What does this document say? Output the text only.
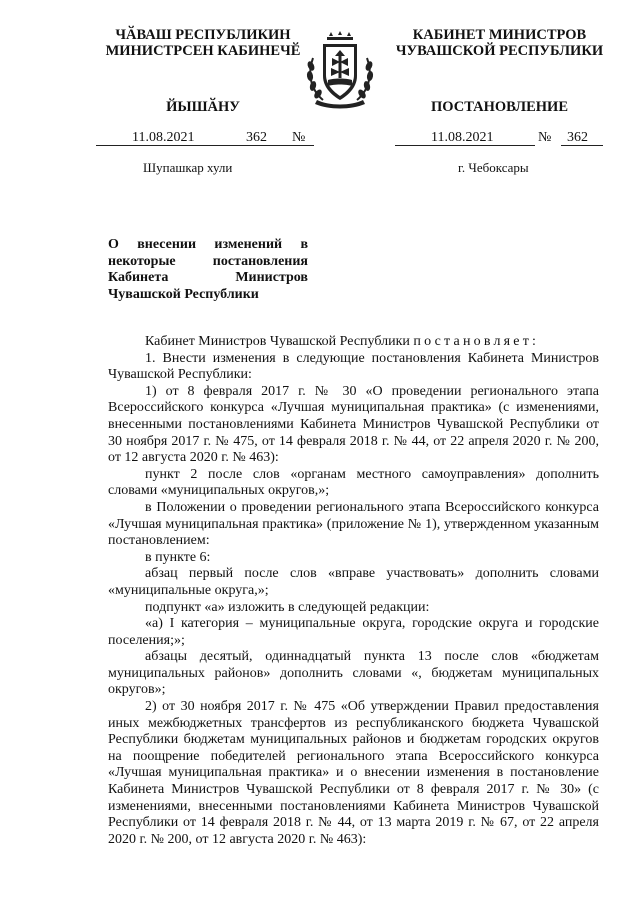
ЧӐВАШ РЕСПУБЛИКИН
МИНИСТРСЕН КАБИНЕЧӖ
ЙЫШӐНУ
КАБИНЕТ МИНИСТРОВ
ЧУВАШСКОЙ РЕСПУБЛИКИ
ПОСТАНОВЛЕНИЕ
11.08.2021	362 №	11.08.2021	№ 362
Шупашкар хули	г. Чебоксары
О внесении изменений в некоторые постановления Кабинета Министров Чувашской Республики

Кабинет Министров Чувашской Республики постановляет:

1. Внести изменения в следующие постановления Кабинета Министров Чувашской Республики:

1) от 8 февраля 2017 г. № 30 «О проведении регионального этапа Всероссийского конкурса «Лучшая муниципальная практика» (с изменениями, внесенными постановлениями Кабинета Министров Чувашской Республики от 30 ноября 2017 г. № 475, от 14 февраля 2018 г. № 44, от 22 апреля 2020 г. № 200, от 12 августа 2020 г. № 463):

пункт 2 после слов «органам местного самоуправления» дополнить словами «муниципальных округов,»;

в Положении о проведении регионального этапа Всероссийского конкурса «Лучшая муниципальная практика» (приложение № 1), утвержденном указанным постановлением:

в пункте 6:

абзац первый после слов «вправе участвовать» дополнить словами «муниципальные округа,»;

подпункт «а» изложить в следующей редакции:

«а) I категория – муниципальные округа, городские округа и городские поселения;»;

абзацы десятый, одиннадцатый пункта 13 после слов «бюджетам муниципальных районов» дополнить словами «, бюджетам муниципальных округов»;

2) от 30 ноября 2017 г. № 475 «Об утверждении Правил предоставления иных межбюджетных трансфертов из республиканского бюджета Чувашской Республики бюджетам муниципальных районов и бюджетам городских округов на поощрение победителей регионального этапа Всероссийского конкурса «Лучшая муниципальная практика» и о внесении изменения в постановление Кабинета Министров Чувашской Республики от 8 февраля 2017 г. № 30» (с изменениями, внесенными постановлениями Кабинета Министров Чувашской Республики от 14 февраля 2018 г. № 44, от 13 марта 2019 г. № 67, от 22 апреля 2020 г. № 200, от 12 августа 2020 г. № 463):
